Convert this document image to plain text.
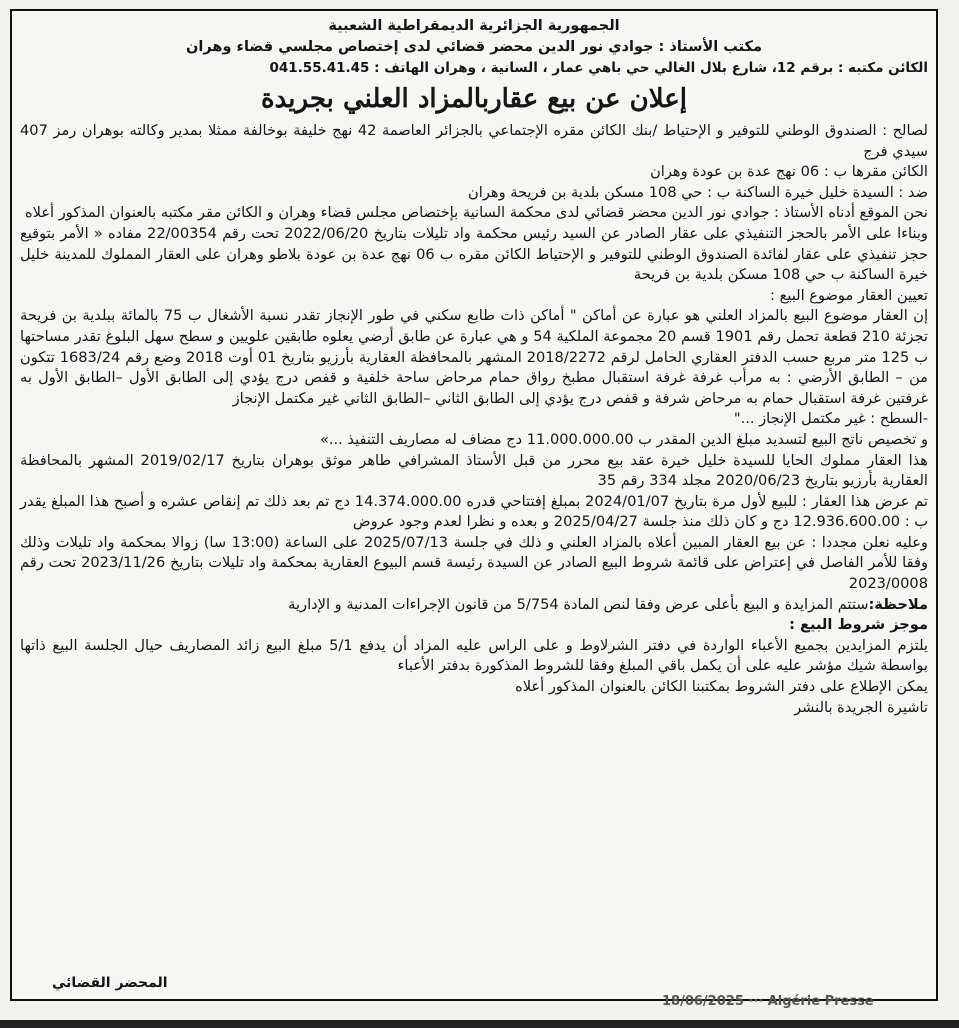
الجمهورية الجزائرية الديمقراطية الشعبية

مكتب الأستاذ : جوادي نور الدين محضر قضائي لدى إختصاص مجلسي قضاء وهران

الكائن مكتبه : برقم 12، شارع بلال الغالي حي باهي عمار ، السانية ، وهران الهاتف : 041.55.41.45

إعلان عن بيع عقاربالمزاد العلني بجريدة

لصالح : الصندوق الوطني للتوفير و الإحتياط /بنك الكائن مقره الإجتماعي بالجزائر العاصمة 42 نهج خليفة بوخالفة ممثلا بمدير وكالته بوهران رمز 407 سيدي فرج

الكائن مقرها ب : 06 نهج عدة بن عودة وهران

ضد : السيدة خليل خيرة الساكنة ب : حي 108 مسكن بلدية بن فريحة وهران

نحن الموقع أدناه الأستاذ : جوادي نور الدين محضر قضائي لدى محكمة السانية بإختصاص مجلس قضاء وهران و الكائن مقر مكتبه بالعنوان المذكور أعلاه

وبناءا على الأمر بالحجز التنفيذي على عقار الصادر عن السيد رئيس محكمة واد تليلات بتاريخ 2022/06/20 تحت رقم 22/00354 مفاده « الأمر بتوقيع حجز تنفيذي على عقار لفائدة الصندوق الوطني للتوفير و الإحتياط الكائن مقره ب 06 نهج عدة بن عودة بلاطو وهران على العقار المملوك للمدينة خليل خيرة الساكنة ب حي 108 مسكن بلدية بن فريحة

تعيين العقار موضوع البيع :

إن العقار موضوع البيع بالمزاد العلني هو عبارة عن أماكن " أماكن ذات طابع سكني في طور الإنجاز تقدر نسبة الأشغال ب 75 بالمائة ببلدية بن فريحة تجزئة 210 قطعة تحمل رقم 1901 قسم 20 مجموعة الملكية 54 و هي عبارة عن طابق أرضي يعلوه طابقين علويين و سطح سهل البلوغ تقدر مساحتها ب 125 متر مربع حسب الدفتر العقاري الحامل لرقم 2018/2272 المشهر بالمحافظة العقارية بأرزيو بتاريخ 01 أوت 2018 وضع رقم 1683/24 تتكون من – الطابق الأرضي : به مرأب غرفة غرفة استقبال مطبخ رواق حمام مرحاض ساحة خلفية و قفص درج يؤدي إلى الطابق الأول –الطابق الأول به غرفتين غرفة استقبال حمام به مرحاض شرفة و قفص درج يؤدي إلى الطابق الثاني –الطابق الثاني غير مكتمل الإنجاز

-السطح : غير مكتمل الإنجاز ..."

و تخصيص ناتج البيع لتسديد مبلغ الدين المقدر ب 11.000.000.00 دج مضاف له مصاريف التنفيذ ...»

هذا العقار مملوك الحايا للسيدة خليل خيرة عقد بيع محرر من قبل الأستاذ المشرافي طاهر موثق بوهران بتاريخ 2019/02/17 المشهر بالمحافظة العقارية بأرزيو بتاريخ 2020/06/23 مجلد 334 رقم 35

تم عرض هذا العقار : للبيع لأول مرة بتاريخ 2024/01/07 بمبلغ إفتتاحي قدره 14.374.000.00 دج تم بعد ذلك تم إنقاص عشره و أصبح هذا المبلغ يقدر ب : 12.936.600.00 دج و كان ذلك منذ جلسة 2025/04/27 و بعده و نظرا لعدم وجود عروض

وعليه نعلن مجددا : عن بيع العقار المبين أعلاه بالمزاد العلني و ذلك في جلسة 2025/07/13 على الساعة (13:00 سا) زوالا بمحكمة واد تليلات وذلك وفقا للأمر الفاصل في إعتراض على قائمة شروط البيع الصادر عن السيدة رئيسة قسم البيوع العقارية بمحكمة واد تليلات بتاريخ 2023/11/26 تحت رقم 2023/0008

ملاحظة:ستتم المزايدة و البيع بأعلى عرض وفقا لنص المادة 5/754 من قانون الإجراءات المدنية و الإدارية

موجز شروط البيع :

يلتزم المزايدين بجميع الأعباء الواردة في دفتر الشرلاوط و على الراس عليه المزاد أن يدفع 5/1 مبلغ البيع زائد المصاريف حيال الجلسة البيع ذاتها بواسطة شيك مؤشر عليه على أن يكمل باقي المبلغ وفقا للشروط المذكورة بدفتر الأعباء

يمكن الإطلاع على دفتر الشروط بمكتبنا الكائن بالعنوان المذكور أعلاه

تاشيرة الجريدة بالنشر

المحضر القضائي
18/06/2025 ··· Algérie Presse
